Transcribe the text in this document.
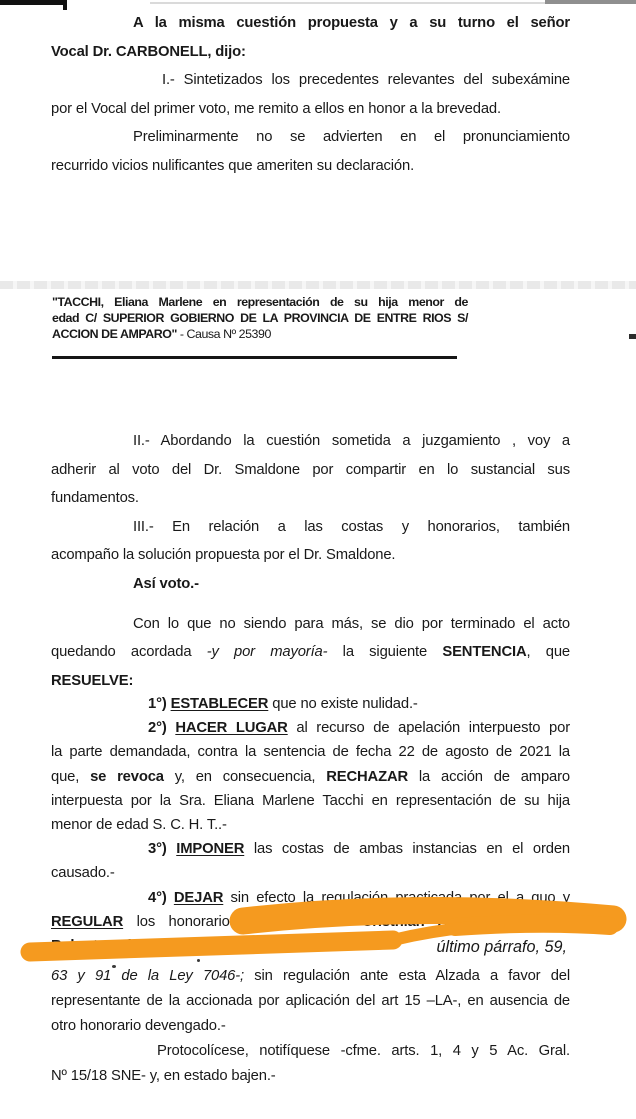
A la misma cuestión propuesta y a su turno el señor
Vocal Dr. CARBONELL, dijo:
I.- Sintetizados los precedentes relevantes del subexámine
por el Vocal del primer voto, me remito a ellos en honor a la brevedad.
Preliminarmente no se advierten en el pronunciamiento
recurrido vicios nulificantes que ameriten su declaración.
"TACCHI, Eliana Marlene en representación de su hija menor de
edad C/ SUPERIOR GOBIERNO DE LA PROVINCIA DE ENTRE RIOS S/
ACCION DE AMPARO" - Causa Nº 25390
II.- Abordando la cuestión sometida a juzgamiento , voy a
adherir al voto del Dr. Smaldone por compartir en lo sustancial sus
fundamentos.
III.- En relación a las costas y honorarios, también
acompaño la solución propuesta por el Dr. Smaldone.
Así voto.-
Con lo que no siendo para más, se dio por terminado el acto
quedando acordada -y por mayoría- la siguiente SENTENCIA, que
RESUELVE:
1°) ESTABLECER que no existe nulidad.-
2°) HACER LUGAR al recurso de apelación interpuesto por
la parte demandada, contra la sentencia de fecha 22 de agosto de 2021 la
que, se revoca y, en consecuencia, RECHAZAR la acción de amparo
interpuesta por la Sra. Eliana Marlene Tacchi en representación de su hija
menor de edad S. C. H. T..-
3°) IMPONER las costas de ambas instancias en el orden
causado.-
4°) DEJAR sin efecto la regulación practicada por el a quo y
REGULAR los honorarios de los Dres. Cristhian Adrián Barreto y
Roberto Fabián Thea	último párrafo, 59,
63 y 91 de la Ley 7046-; sin regulación ante esta Alzada a favor del
representante de la accionada por aplicación del art 15 –LA-, en ausencia de
otro honorario devengado.-
Protocolícese, notifíquese -cfme. arts. 1, 4 y 5 Ac. Gral.
Nº 15/18 SNE- y, en estado bajen.-
